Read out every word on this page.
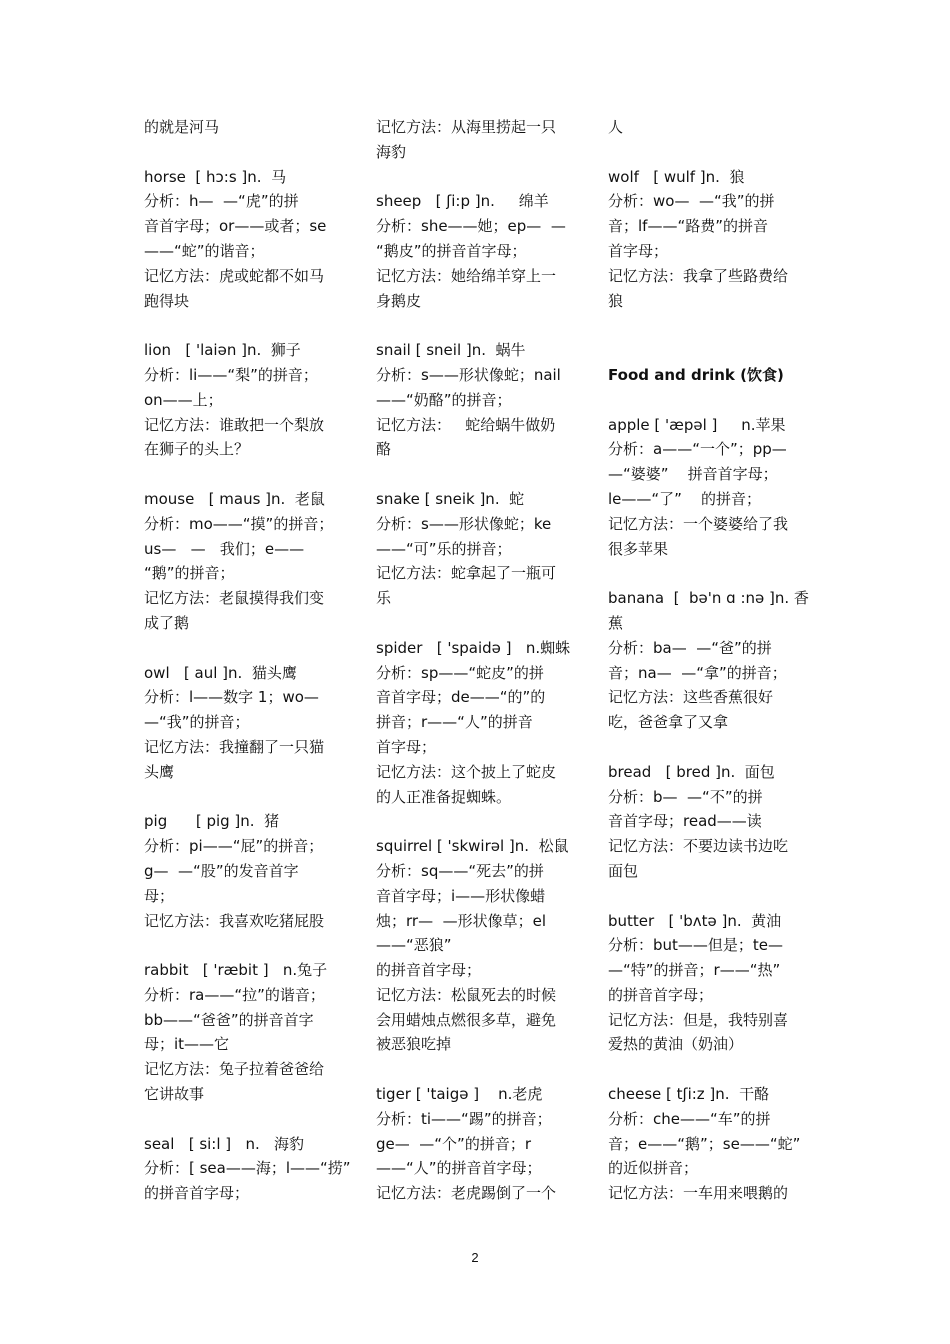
的就是河马
horse  [ hɔ:s ]n.  马
分析：h—  —“虎”的拼
音首字母；or——或者；se
——“蛇”的谐音；
记忆方法：虎或蛇都不如马
跑得块
lion   [ 'laiən ]n.  狮子
分析：li——“梨”的拼音；
on——上；
记忆方法：谁敢把一个梨放
在狮子的头上？
mouse   [ maus ]n.  老鼠
分析：mo——“摸”的拼音；
us—   —   我们；e——
“鹅”的拼音；
记忆方法：老鼠摸得我们变
成了鹅
owl   [ aul ]n.  猫头鹰
分析：l——数字 1；wo—
—“我”的拼音；
记忆方法：我撞翻了一只猫
头鹰
pig      [ pig ]n.  猪
分析：pi——“屁”的拼音；
g—  —“股”的发音首字
母；
记忆方法：我喜欢吃猪屁股
rabbit   [ 'ræbit ]   n.兔子
分析：ra——“拉”的谐音；
bb——“爸爸”的拼音首字
母；it——它
记忆方法：兔子拉着爸爸给
它讲故事
seal   [ si:l ]   n.   海豹
分析：[ sea——海；l——“捞”
的拼音首字母；
记忆方法：从海里捞起一只
海豹
sheep   [ ʃi:p ]n.     绵羊
分析：she——她；ep—  —
“鹅皮”的拼音首字母；
记忆方法：她给绵羊穿上一
身鹅皮
snail [ sneil ]n.  蜗牛
分析：s——形状像蛇；nail
——“奶酪”的拼音；
记忆方法：   蛇给蜗牛做奶
酪
snake [ sneik ]n.  蛇
分析：s——形状像蛇；ke
——“可”乐的拼音；
记忆方法：蛇拿起了一瓶可
乐
spider   [ 'spaidə ]   n.蜘蛛
分析：sp——“蛇皮”的拼
音首字母；de——“的”的
拼音；r——“人”的拼音
首字母；
记忆方法：这个披上了蛇皮
的人正准备捉蜘蛛。
squirrel [ 'skwirəl ]n.  松鼠
分析：sq——“死去”的拼
音首字母；i——形状像蜡
烛；rr—  —形状像草；el
——“恶狼”
的拼音首字母；
记忆方法：松鼠死去的时候
会用蜡烛点燃很多草，避免
被恶狼吃掉
tiger [ 'taigə ]    n.老虎
分析：ti——“踢”的拼音；
ge—  —“个”的拼音；r
——“人”的拼音首字母；
记忆方法：老虎踢倒了一个
人
wolf   [ wulf ]n.  狼
分析：wo—  —“我”的拼
音；lf——“路费”的拼音
首字母；
记忆方法：我拿了些路费给
狼
Food and drink (饮食)
apple [ 'æpəl ]     n.苹果
分析：a——“一个”；pp—
—“婆婆”    拼音首字母；
le——“了”    的拼音；
记忆方法：一个婆婆给了我
很多苹果
banana  [  bə'n ɑ :nə ]n. 香
蕉
分析：ba—  —“爸”的拼
音；na—  —“拿”的拼音；
记忆方法：这些香蕉很好
吃，爸爸拿了又拿
bread   [ bred ]n.  面包
分析：b—  —“不”的拼
音首字母；read——读
记忆方法：不要边读书边吃
面包
butter   [ 'bʌtə ]n.  黄油
分析：but——但是；te—
—“特”的拼音；r——“热”
的拼音首字母；
记忆方法：但是，我特别喜
爱热的黄油（奶油）
cheese [ tʃi:z ]n.  干酪
分析：che——“车”的拼
音；e——“鹅”；se——“蛇”
的近似拼音；
记忆方法：一车用来喂鹅的
2
